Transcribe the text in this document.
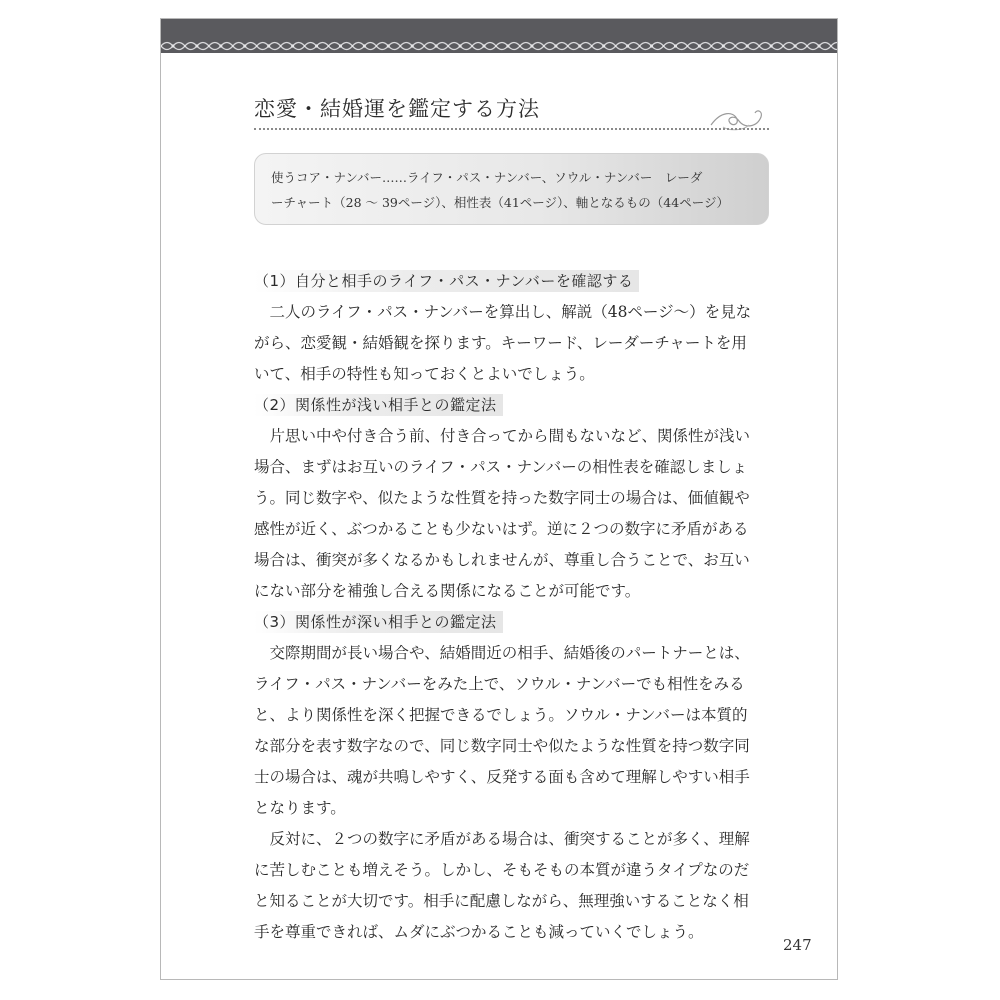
恋愛・結婚運を鑑定する方法
使うコア・ナンバー……ライフ・パス・ナンバー、ソウル・ナンバー　レーダ
ーチャート（28 〜 39ページ）、相性表（41ページ）、軸となるもの（44ページ）
（1）自分と相手のライフ・パス・ナンバーを確認する
　二人のライフ・パス・ナンバーを算出し、解説（48ページ〜）を見な
がら、恋愛観・結婚観を探ります。キーワード、レーダーチャートを用
いて、相手の特性も知っておくとよいでしょう。
（2）関係性が浅い相手との鑑定法
　片思い中や付き合う前、付き合ってから間もないなど、関係性が浅い
場合、まずはお互いのライフ・パス・ナンバーの相性表を確認しましょ
う。同じ数字や、似たような性質を持った数字同士の場合は、価値観や
感性が近く、ぶつかることも少ないはず。逆に２つの数字に矛盾がある
場合は、衝突が多くなるかもしれませんが、尊重し合うことで、お互い
にない部分を補強し合える関係になることが可能です。
（3）関係性が深い相手との鑑定法
　交際期間が長い場合や、結婚間近の相手、結婚後のパートナーとは、
ライフ・パス・ナンバーをみた上で、ソウル・ナンバーでも相性をみる
と、より関係性を深く把握できるでしょう。ソウル・ナンバーは本質的
な部分を表す数字なので、同じ数字同士や似たような性質を持つ数字同
士の場合は、魂が共鳴しやすく、反発する面も含めて理解しやすい相手
となります。
　反対に、２つの数字に矛盾がある場合は、衝突することが多く、理解
に苦しむことも増えそう。しかし、そもそもの本質が違うタイプなのだ
と知ることが大切です。相手に配慮しながら、無理強いすることなく相
手を尊重できれば、ムダにぶつかることも減っていくでしょう。
247
